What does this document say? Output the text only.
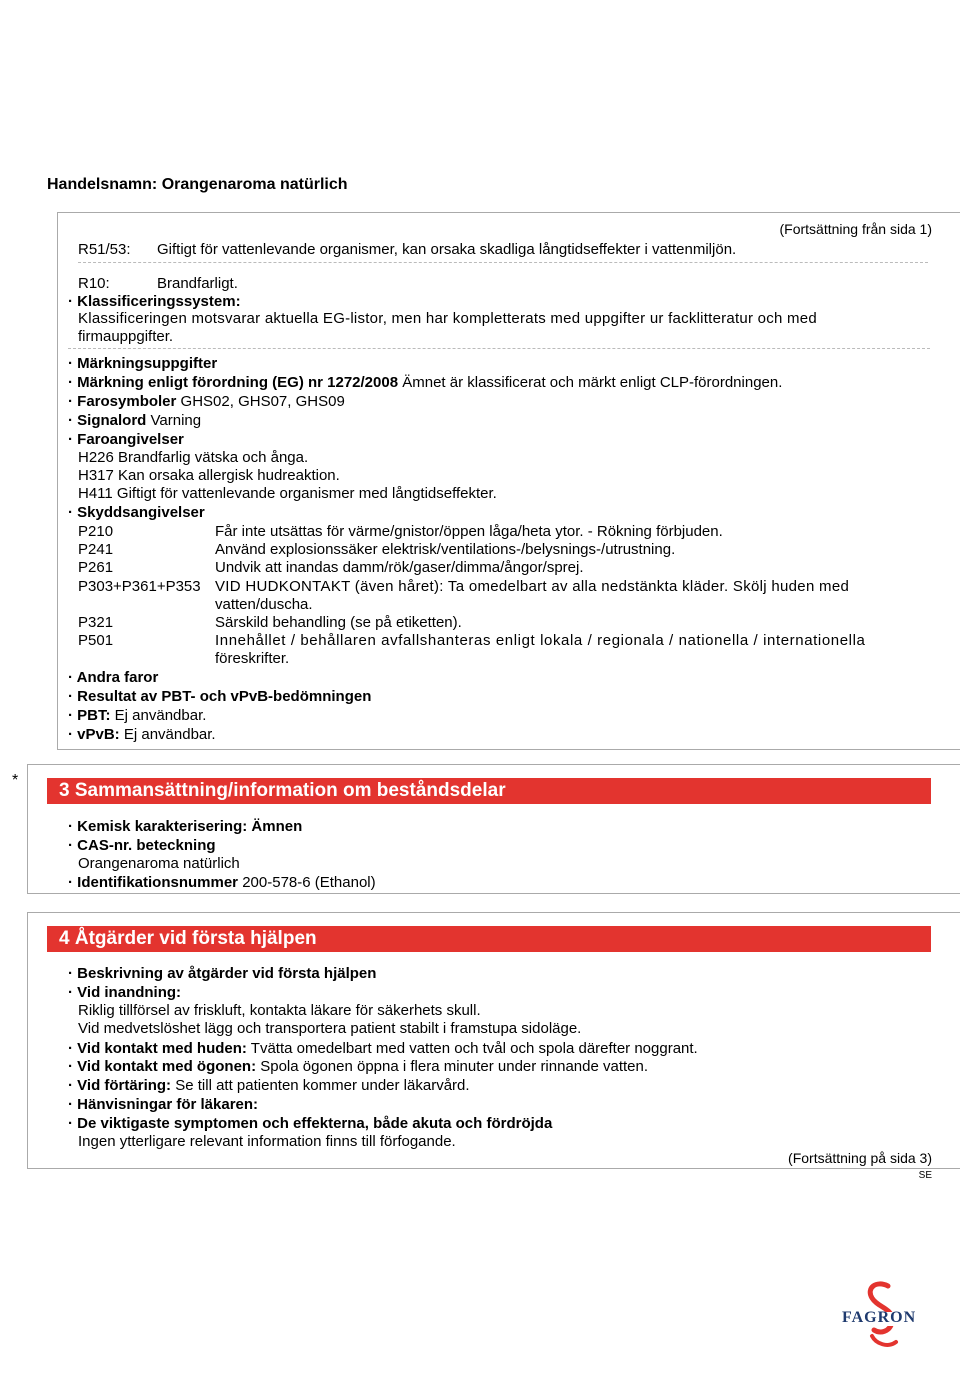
Säkerhetsdatablad
Enligt 1907/2006/EG, Artikel 31
Sida: 2 / 7
Datum för utskrift: 21.12.2012
Omarbetad: 21.12.2012
Versionsnummer 17
Handelsnamn: Orangenaroma natürlich
(Fortsättning från sida 1)
R51/53: Giftigt för vattenlevande organismer, kan orsaka skadliga långtidseffekter i vattenmiljön.
R10:	Brandfarligt.
· Klassificeringssystem:
Klassificeringen motsvarar aktuella EG-listor, men har kompletterats med uppgifter ur facklitteratur och med
firmauppgifter.
· Märkningsuppgifter
· Märkning enligt förordning (EG) nr 1272/2008 Ämnet är klassificerat och märkt enligt CLP-förordningen.
· Farosymboler GHS02, GHS07, GHS09
· Signalord Varning
· Faroangivelser
H226 Brandfarlig vätska och ånga.
H317 Kan orsaka allergisk hudreaktion.
H411 Giftigt för vattenlevande organismer med långtidseffekter.
· Skyddsangivelser
P210	Får inte utsättas för värme/gnistor/öppen låga/heta ytor. - Rökning förbjuden.
P241	Använd explosionssäker elektrisk/ventilations-/belysnings-/utrustning.
P261	Undvik att inandas damm/rök/gaser/dimma/ångor/sprej.
P303+P361+P353 VID HUDKONTAKT (även håret): Ta omedelbart av alla nedstänkta kläder. Skölj huden med
vatten/duscha.
P321	Särskild behandling (se på etiketten).
P501	Innehållet / behållaren avfallshanteras enligt lokala / regionala / nationella / internationella
föreskrifter.
· Andra faror
· Resultat av PBT- och vPvB-bedömningen
· PBT: Ej användbar.
· vPvB: Ej användbar.
*	3 Sammansättning/information om beståndsdelar
· Kemisk karakterisering: Ämnen
· CAS-nr. beteckning
Orangenaroma natürlich
· Identifikationsnummer 200-578-6 (Ethanol)
4 Åtgärder vid första hjälpen
· Beskrivning av åtgärder vid första hjälpen
· Vid inandning:
Riklig tillförsel av friskluft, kontakta läkare för säkerhets skull.
Vid medvetslöshet lägg och transportera patient stabilt i framstupa sidoläge.
· Vid kontakt med huden: Tvätta omedelbart med vatten och tvål och spola därefter noggrant.
· Vid kontakt med ögonen: Spola ögonen öppna i flera minuter under rinnande vatten.
· Vid förtäring: Se till att patienten kommer under läkarvård.
· Hänvisningar för läkaren:
· De viktigaste symptomen och effekterna, både akuta och fördröjda
Ingen ytterligare relevant information finns till förfogande.
(Fortsättning på sida 3)
SE
FAGRON
